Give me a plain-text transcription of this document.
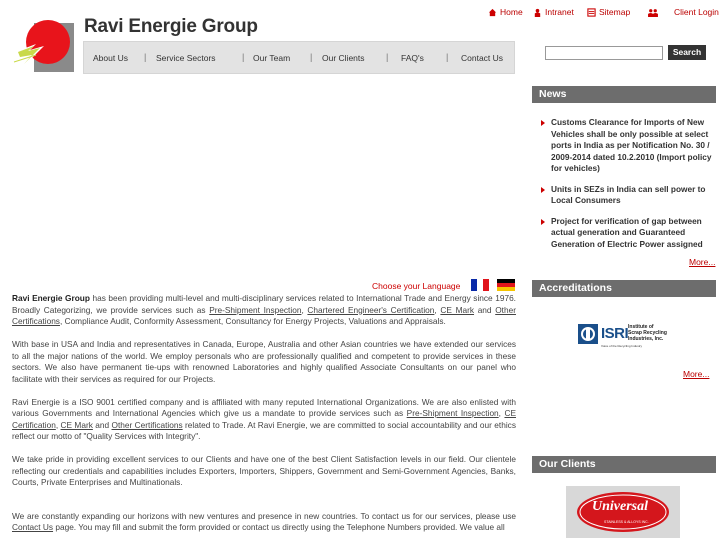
Home	Intranet	Sitemap	Client Login
Ravi Energie Group
About Us | Service Sectors	| Our Team | Our Clients | FAQ's | Contact Us
Search
News
Customs Clearance for Imports of New Vehicles shall be only possible at select ports in India as per Notification No. 30 / 2009-2014 dated 10.2.2010 (Import policy for vehicles)
Units in SEZs in India can sell power to Local Consumers
Project for verification of gap between actual generation and Guaranteed Generation of Electric Power assigned
More...
Accreditations
ISRI
Voice of the Recycling Industry
Institute of
Scrap Recycling
Industries, Inc.
More...
Our Clients
Universal
STAINLESS & ALLOYS INC.
Choose your Language

Ravi Energie Group has been providing multi-level and multi-disciplinary services related to International Trade and Energy since 1976. Broadly Categorizing, we provide services such as Pre-Shipment Inspection, Chartered Engineer's Certification, CE Mark and Other Certifications, Compliance Audit, Conformity Assessment, Consultancy for Energy Projects, Valuations and Appraisals.

With base in USA and India and representatives in Canada, Europe, Australia and other Asian countries we have extended our services to all the major nations of the world. We employ personals who are professionally qualified and competent to provide services in these sectors. We also have permanent tie-ups with renowned Laboratories and highly qualified Associate Consultants on our panel who facilitate with their services as required for our Projects.

Ravi Energie is a ISO 9001 certified company and is affiliated with many reputed International Organizations. We are also enlisted with various Governments and International Agencies which give us a mandate to provide services such as Pre-Shipment Inspection, CE Certification, CE Mark and Other Certifications related to Trade. At Ravi Energie, we are committed to social accountability and our ethics reflect our motto of "Quality Services with Integrity".

We take pride in providing excellent services to our Clients and have one of the best Client Satisfaction levels in our field. Our clientele reflecting our credentials and capabilities includes Exporters, Importers, Shippers, Government and Semi-Government Agencies, Banks, Courts, Private Enterprises and Multinationals.

We are constantly expanding our horizons with new ventures and presence in new countries. To contact us for our services, please use Contact Us page. You may fill and submit the form provided or contact us directly using the Telephone Numbers provided. We value all
